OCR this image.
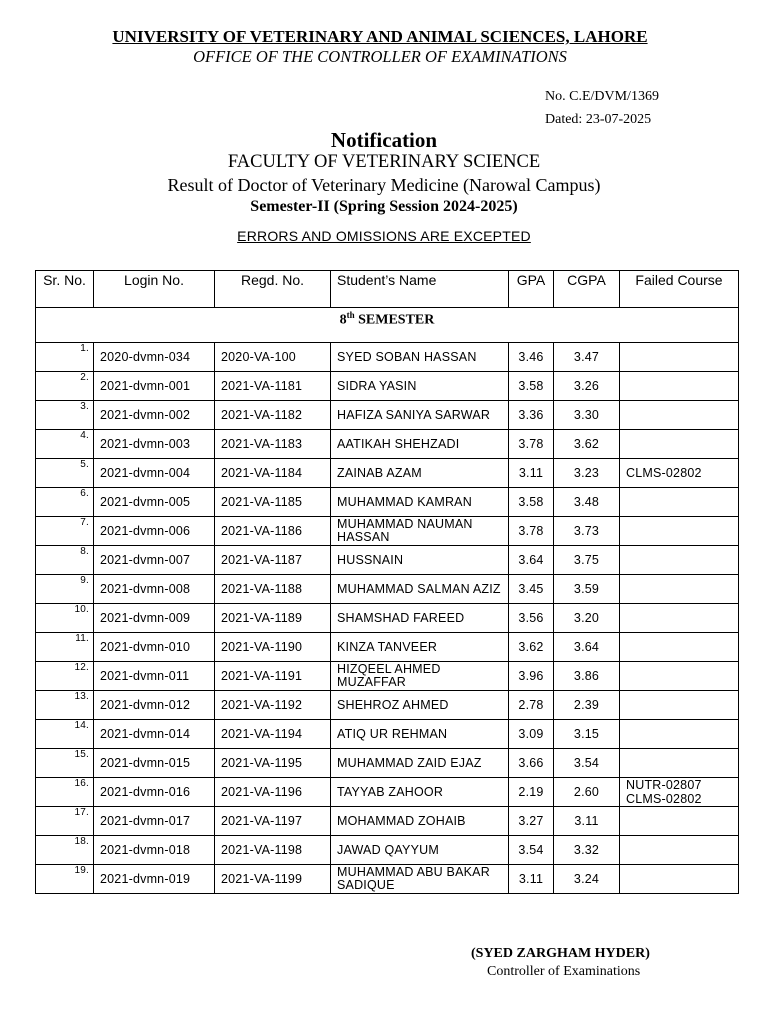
UNIVERSITY OF VETERINARY AND ANIMAL SCIENCES, LAHORE
OFFICE OF THE CONTROLLER OF EXAMINATIONS
No. C.E/DVM/1369
Dated: 23-07-2025
Notification
FACULTY OF VETERINARY SCIENCE
Result of Doctor of Veterinary Medicine (Narowal Campus)
Semester-II (Spring Session 2024-2025)
ERRORS AND OMISSIONS ARE EXCEPTED
Sr. No.	Login No.	Regd. No.	Student’s Name	GPA	CGPA	Failed Course
8th SEMESTER						

1.	2020-dvmn-034	2020-VA-100	SYED SOBAN HASSAN	3.46	3.47	

2.	2021-dvmn-001	2021-VA-1181	SIDRA YASIN	3.58	3.26	

3.	2021-dvmn-002	2021-VA-1182	HAFIZA SANIYA SARWAR	3.36	3.30	

4.	2021-dvmn-003	2021-VA-1183	AATIKAH SHEHZADI	3.78	3.62	

5.	2021-dvmn-004	2021-VA-1184	ZAINAB AZAM	3.11	3.23	CLMS-02802

6.	2021-dvmn-005	2021-VA-1185	MUHAMMAD KAMRAN	3.58	3.48	

7.	2021-dvmn-006	2021-VA-1186	MUHAMMAD NAUMAN HASSAN	3.78	3.73	

8.	2021-dvmn-007	2021-VA-1187	HUSSNAIN	3.64	3.75	

9.	2021-dvmn-008	2021-VA-1188	MUHAMMAD SALMAN AZIZ	3.45	3.59	

10.	2021-dvmn-009	2021-VA-1189	SHAMSHAD FAREED	3.56	3.20	

11.	2021-dvmn-010	2021-VA-1190	KINZA TANVEER	3.62	3.64	

12.	2021-dvmn-011	2021-VA-1191	HIZQEEL AHMED MUZAFFAR	3.96	3.86	

13.	2021-dvmn-012	2021-VA-1192	SHEHROZ AHMED	2.78	2.39	

14.	2021-dvmn-014	2021-VA-1194	ATIQ UR REHMAN	3.09	3.15	

15.	2021-dvmn-015	2021-VA-1195	MUHAMMAD ZAID EJAZ	3.66	3.54	

16.	2021-dvmn-016	2021-VA-1196	TAYYAB ZAHOOR	2.19	2.60	NUTR-02807 CLMS-02802

17.	2021-dvmn-017	2021-VA-1197	MOHAMMAD ZOHAIB	3.27	3.11	

18.	2021-dvmn-018	2021-VA-1198	JAWAD QAYYUM	3.54	3.32	

19.	2021-dvmn-019	2021-VA-1199	MUHAMMAD ABU BAKAR SADIQUE	3.11	3.24	
(SYED ZARGHAM HYDER)
Controller of Examinations
